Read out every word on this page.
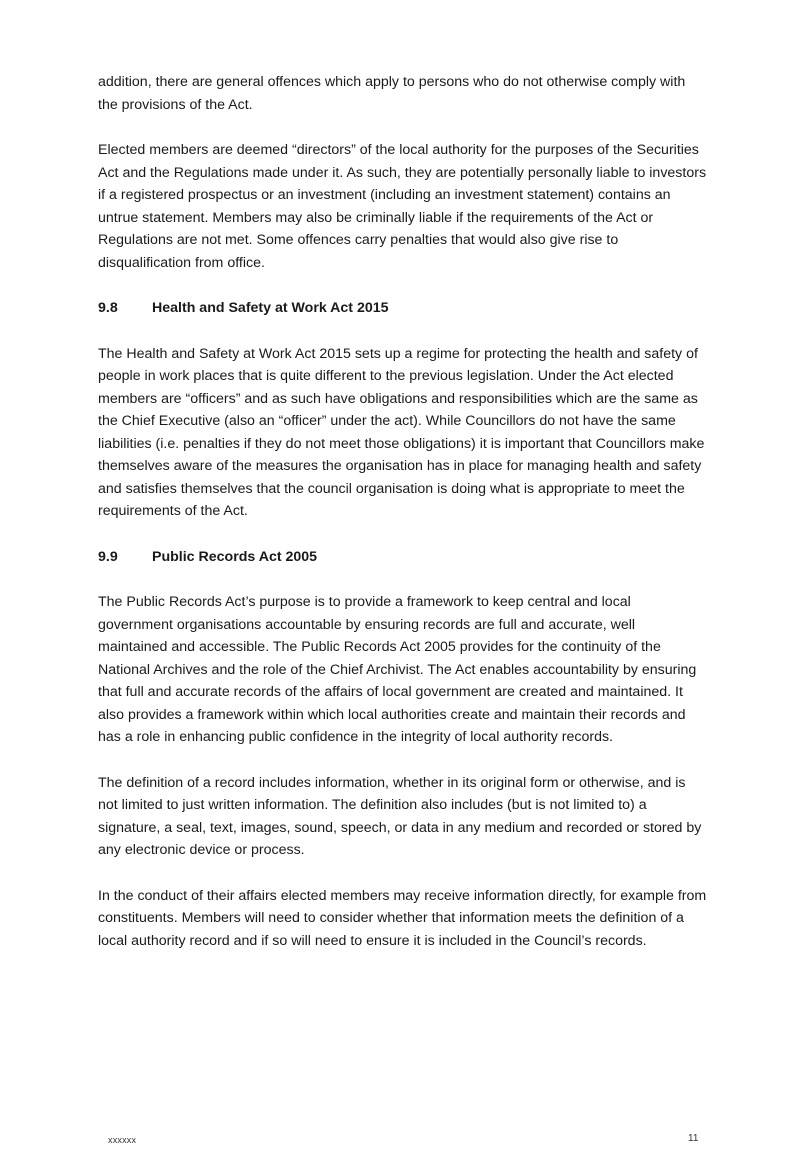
addition, there are general offences which apply to persons who do not otherwise comply with the provisions of the Act.

Elected members are deemed “directors” of the local authority for the purposes of the Securities Act and the Regulations made under it. As such, they are potentially personally liable to investors if a registered prospectus or an investment (including an investment statement) contains an untrue statement. Members may also be criminally liable if the requirements of the Act or Regulations are not met. Some offences carry penalties that would also give rise to disqualification from office.

9.8	Health and Safety at Work Act 2015

The Health and Safety at Work Act 2015 sets up a regime for protecting the health and safety of people in work places that is quite different to the previous legislation. Under the Act elected members are “officers” and as such have obligations and responsibilities which are the same as the Chief Executive (also an “officer” under the act). While Councillors do not have the same liabilities (i.e. penalties if they do not meet those obligations) it is important that Councillors make themselves aware of the measures the organisation has in place for managing health and safety and satisfies themselves that the council organisation is doing what is appropriate to meet the requirements of the Act.

9.9	Public Records Act 2005

The Public Records Act’s purpose is to provide a framework to keep central and local government organisations accountable by ensuring records are full and accurate, well maintained and accessible. The Public Records Act 2005 provides for the continuity of the National Archives and the role of the Chief Archivist. The Act enables accountability by ensuring that full and accurate records of the affairs of local government are created and maintained. It also provides a framework within which local authorities create and maintain their records and has a role in enhancing public confidence in the integrity of local authority records.

The definition of a record includes information, whether in its original form or otherwise, and is not limited to just written information. The definition also includes (but is not limited to) a signature, a seal, text, images, sound, speech, or data in any medium and recorded or stored by any electronic device or process.

In the conduct of their affairs elected members may receive information directly, for example from constituents. Members will need to consider whether that information meets the definition of a local authority record and if so will need to ensure it is included in the Council’s records.

xxxxxx	11
